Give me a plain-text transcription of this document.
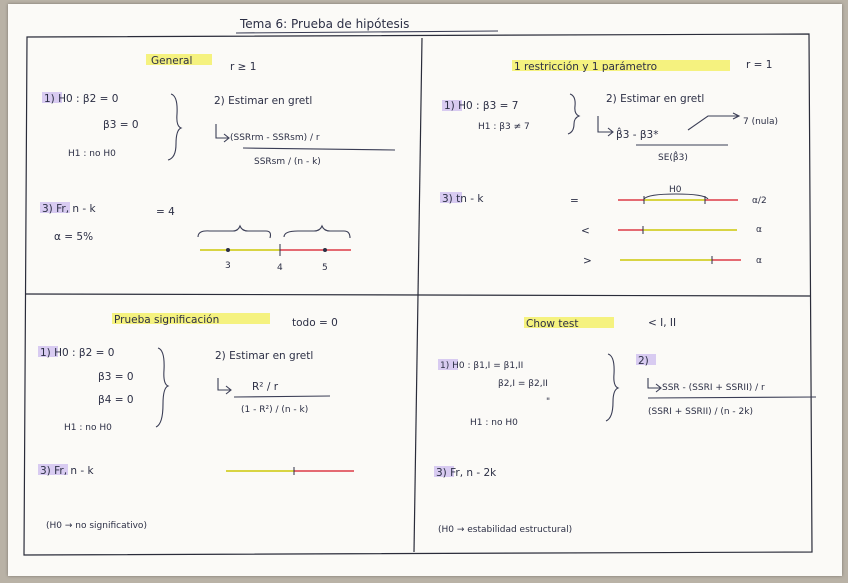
Tema 6: Prueba de hipótesis
General	r ≥ 1
1) H0 : β2 = 0
β3 = 0
H1 : no H0
2) Estimar en gretl
(SSRrm - SSRsm) / r
SSRsm / (n - k)
3) Fr, n - k	= 4
α = 5%
3	4	5
1 restricción y 1 parámetro	r = 1
1) H0 : β3 = 7
H1 : β3 ≠ 7
2) Estimar en gretl
β̂3 - β3*
7 (nula)
SE(β̂3)
3) tn - k	=
<
>
H0
α/2
α
α
Prueba significación	todo = 0
1) H0 : β2 = 0
β3 = 0
β4 = 0
H1 : no H0
2) Estimar en gretl
R² / r
(1 - R²) / (n - k)
3) Fr, n - k
(H0 → no significativo)
Chow test	< I, II
1) H0 : β1,I = β1,II
β2,I = β2,II
"
H1 : no H0
2)
SSR - (SSRI + SSRII) / r
(SSRI + SSRII) / (n - 2k)
3) Fr, n - 2k
(H0 → estabilidad estructural)
